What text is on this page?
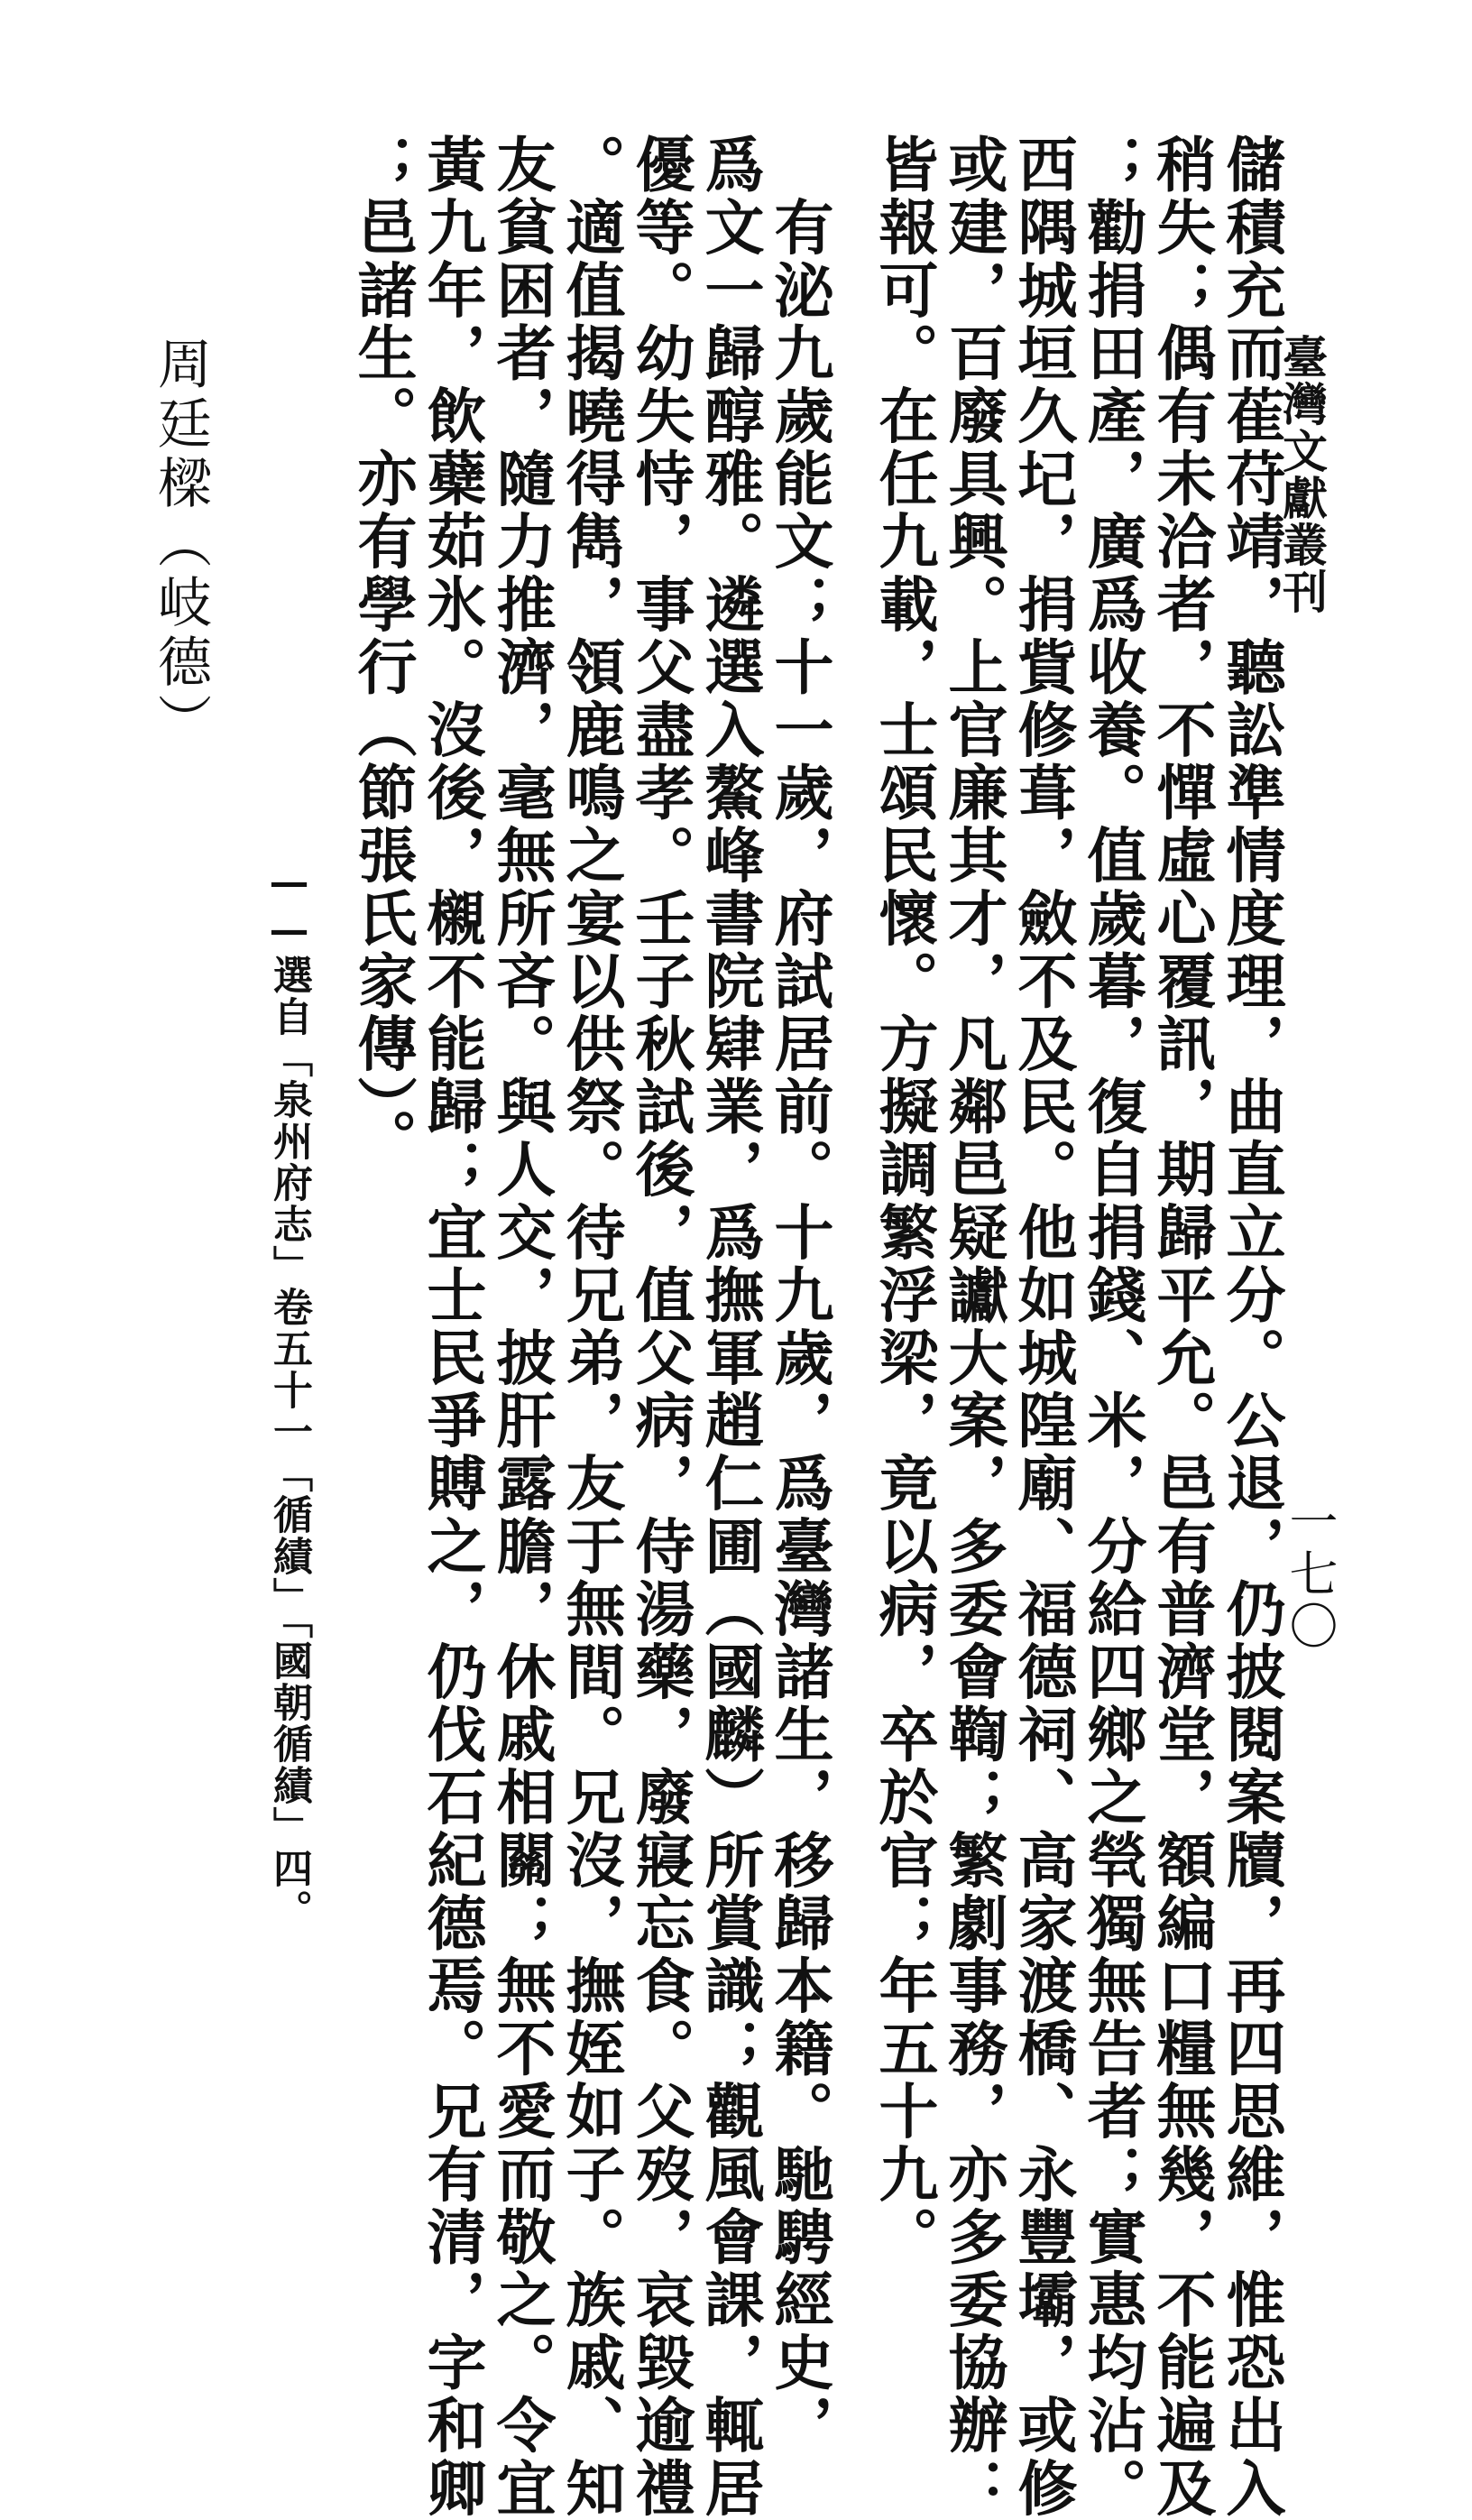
臺灣文獻叢刊
一七〇
儲積充而萑苻靖，聽訟準情度理，曲直立分。公退，仍披閱案牘，再四思維，惟恐出入
稍失；偶有未洽者，不憚虛心覆訊，期歸平允。邑有普濟堂，額編口糧無幾，不能遍及
；勸捐田產，廣爲收養。值歲暮，復自捐錢、米，分給四鄉之煢獨無告者；實惠均沾。
西隅城垣久圮，捐貲修葺，斂不及民。他如城隍廟、福德祠、高家渡橋、永豐壩，或修
或建，百廢具興。上官廉其才，凡鄰邑疑讞大案，多委會鞫；繁劇事務，亦多委協辦：
皆報可。在任九載，士頌民懷。方擬調繁浮梁，竟以病，卒於官；年五十九。
　有泌九歲能文；十一歲，府試居前。十九歲，爲臺灣諸生，移歸本籍。馳騁經史，
爲文一歸醇雅。遴選入鰲峰書院肄業，爲撫軍趙仁圃（國麟）所賞識；觀風會課，輒居
優等。幼失恃，事父盡孝。壬子秋試後，值父病，侍湯藥，廢寢忘食。父歿，哀毀逾禮
。適值揭曉得雋，領鹿鳴之宴以供祭。待兄弟，友于無間。兄沒，撫姪如子。族戚、知
友貧困者，隨力推濟，毫無所吝。與人交，披肝露膽，休戚相關；無不愛而敬之。令宜
黃九年，飲蘗茹氷。沒後，櫬不能歸；宜士民爭賻之，仍伐石紀德焉。兄有清，字和卿
；邑諸生。亦有學行（節張氏家傳）。
——選自「泉州府志」卷五十一「循績」「國朝循績」四。
周廷樑（岐德）
